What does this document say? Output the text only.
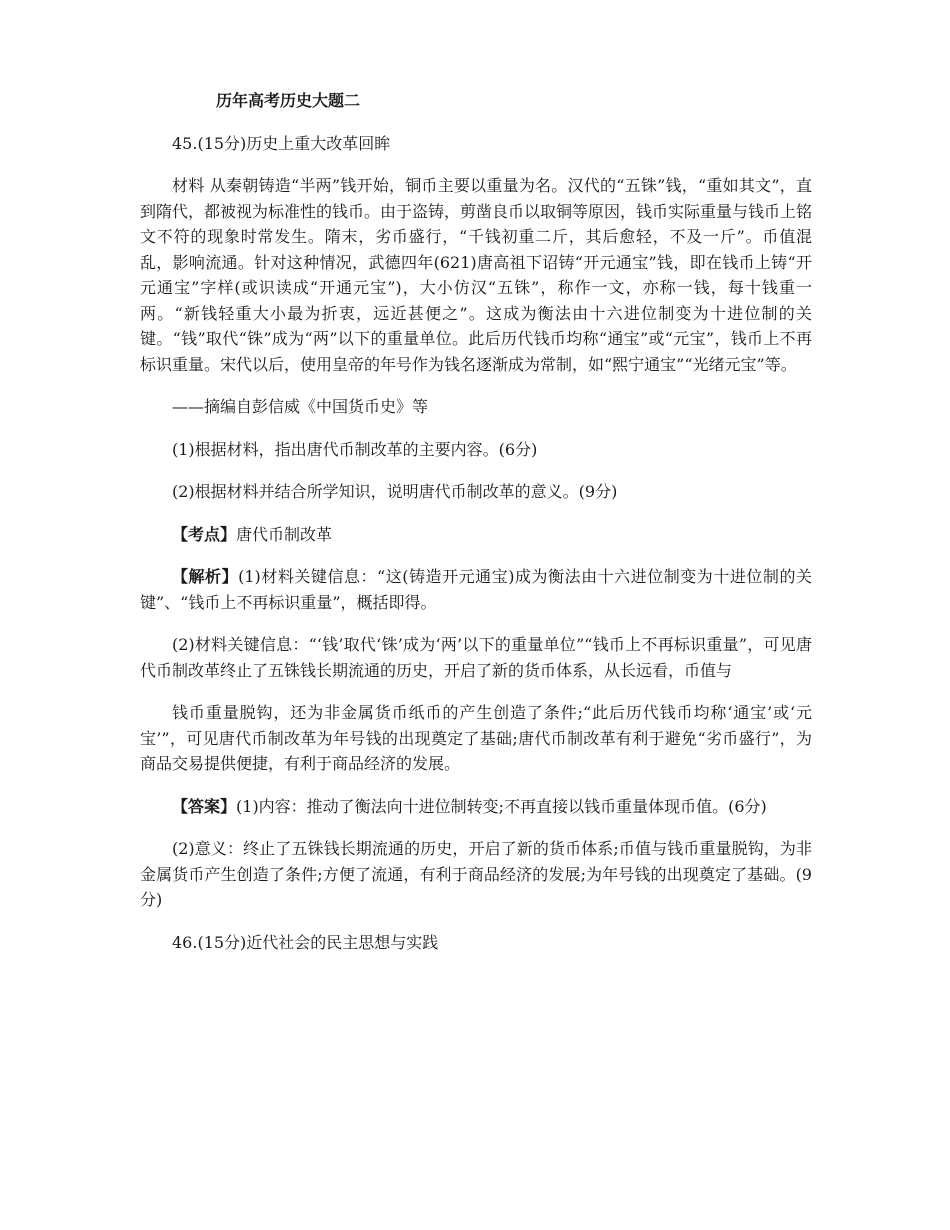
历年高考历史大题二

45.(15分)历史上重大改革回眸

材料 从秦朝铸造“半两”钱开始，铜币主要以重量为名。汉代的“五铢”钱，“重如其文”，直到隋代，都被视为标准性的钱币。由于盗铸，剪凿良币以取铜等原因，钱币实际重量与钱币上铭文不符的现象时常发生。隋末，劣币盛行，“千钱初重二斤，其后愈轻，不及一斤”。币值混乱，影响流通。针对这种情况，武德四年(621)唐高祖下诏铸“开元通宝”钱，即在钱币上铸“开元通宝”字样(或识读成“开通元宝”)，大小仿汉“五铢”，称作一文，亦称一钱，每十钱重一两。“新钱轻重大小最为折衷，远近甚便之”。这成为衡法由十六进位制变为十进位制的关键。“钱”取代“铢”成为“两”以下的重量单位。此后历代钱币均称“通宝”或“元宝”，钱币上不再标识重量。宋代以后，使用皇帝的年号作为钱名逐渐成为常制，如“熙宁通宝”“光绪元宝”等。

——摘编自彭信威《中国货币史》等

(1)根据材料，指出唐代币制改革的主要内容。(6分)

(2)根据材料并结合所学知识，说明唐代币制改革的意义。(9分)

【考点】唐代币制改革

【解析】(1)材料关键信息：“这(铸造开元通宝)成为衡法由十六进位制变为十进位制的关键”、“钱币上不再标识重量”，概括即得。

(2)材料关键信息：“‘钱’取代‘铢’成为‘两’以下的重量单位”“钱币上不再标识重量”，可见唐代币制改革终止了五铢钱长期流通的历史，开启了新的货币体系，从长远看，币值与

钱币重量脱钩，还为非金属货币纸币的产生创造了条件;“此后历代钱币均称‘通宝’或‘元宝’”，可见唐代币制改革为年号钱的出现奠定了基础;唐代币制改革有利于避免“劣币盛行”，为商品交易提供便捷，有利于商品经济的发展。

【答案】(1)内容：推动了衡法向十进位制转变;不再直接以钱币重量体现币值。(6分)

(2)意义：终止了五铢钱长期流通的历史，开启了新的货币体系;币值与钱币重量脱钩，为非金属货币产生创造了条件;方便了流通，有利于商品经济的发展;为年号钱的出现奠定了基础。(9分)

46.(15分)近代社会的民主思想与实践
